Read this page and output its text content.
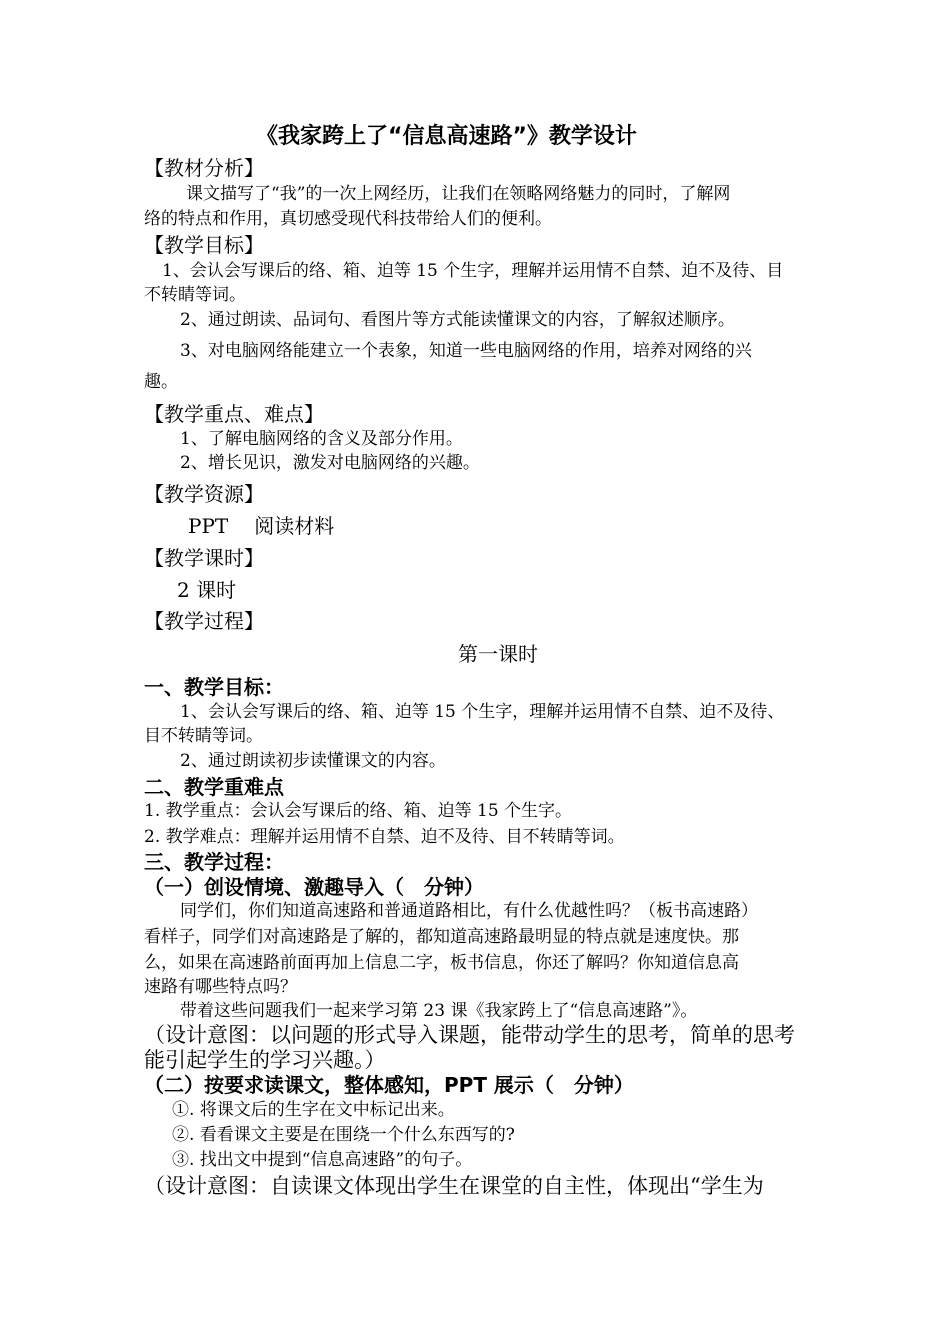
《我家跨上了“信息高速路”》教学设计
【教材分析】
课文描写了“我”的一次上网经历，让我们在领略网络魅力的同时，了解网
络的特点和作用，真切感受现代科技带给人们的便利。
【教学目标】
1、会认会写课后的络、箱、迫等 15 个生字，理解并运用情不自禁、迫不及待、目
不转睛等词。
2、通过朗读、品词句、看图片等方式能读懂课文的内容，了解叙述顺序。
3、对电脑网络能建立一个表象，知道一些电脑网络的作用，培养对网络的兴
趣。
【教学重点、难点】
1、了解电脑网络的含义及部分作用。
2、增长见识，激发对电脑网络的兴趣。
【教学资源】
PPT 阅读材料
【教学课时】
2 课时
【教学过程】
第一课时
一、教学目标：
1、会认会写课后的络、箱、迫等 15 个生字，理解并运用情不自禁、迫不及待、
目不转睛等词。
2、通过朗读初步读懂课文的内容。
二、教学重难点
1. 教学重点：会认会写课后的络、箱、迫等 15 个生字。
2. 教学难点：理解并运用情不自禁、迫不及待、目不转睛等词。
三、教学过程：
（一）创设情境、激趣导入（　分钟）
同学们，你们知道高速路和普通道路相比，有什么优越性吗？（板书高速路）
看样子，同学们对高速路是了解的，都知道高速路最明显的特点就是速度快。那
么，如果在高速路前面再加上信息二字，板书信息，你还了解吗？你知道信息高
速路有哪些特点吗？
带着这些问题我们一起来学习第 23 课《我家跨上了“信息高速路”》。
（设计意图：以问题的形式导入课题，能带动学生的思考，简单的思考
能引起学生的学习兴趣。）
（二）按要求读课文，整体感知，PPT 展示（　分钟）
①. 将课文后的生字在文中标记出来。
②. 看看课文主要是在围绕一个什么东西写的?
③. 找出文中提到“信息高速路”的句子。
（设计意图：自读课文体现出学生在课堂的自主性，体现出“学生为
